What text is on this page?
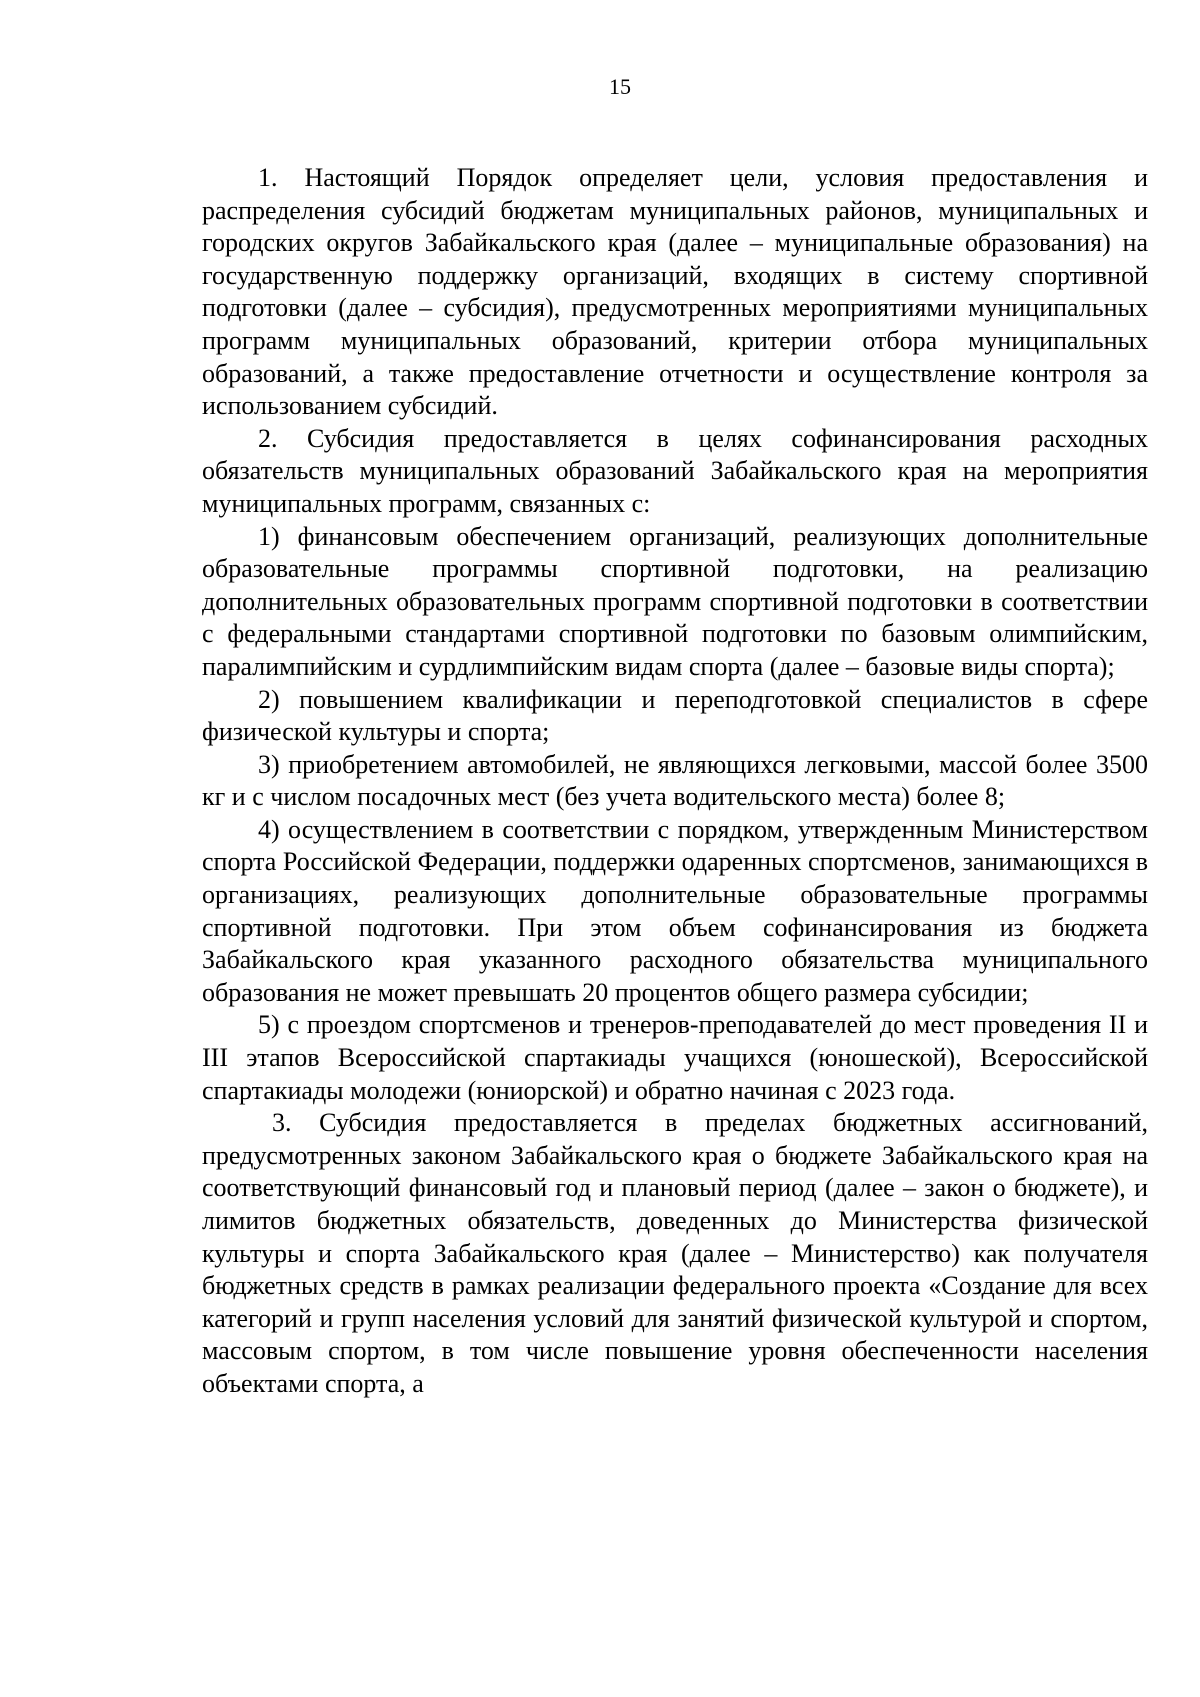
15

1. Настоящий Порядок определяет цели, условия предоставления и распределения субсидий бюджетам муниципальных районов, муниципальных и городских округов Забайкальского края (далее – муниципальные образования) на государственную поддержку организаций, входящих в систему спортивной подготовки (далее – субсидия), предусмотренных мероприятиями муниципальных программ муниципальных образований, критерии отбора муниципальных образований, а также предоставление отчетности и осуществление контроля за использованием субсидий.

2. Субсидия предоставляется в целях софинансирования расходных обязательств муниципальных образований Забайкальского края на мероприятия муниципальных программ, связанных с:

1) финансовым обеспечением организаций, реализующих дополнительные образовательные программы спортивной подготовки, на реализацию дополнительных образовательных программ спортивной подготовки в соответствии с федеральными стандартами спортивной подготовки по базовым олимпийским, паралимпийским и сурдлимпийским видам спорта (далее – базовые виды спорта);

2) повышением квалификации и переподготовкой специалистов в сфере физической культуры и спорта;

3) приобретением автомобилей, не являющихся легковыми, массой более 3500 кг и с числом посадочных мест (без учета водительского места) более 8;

4) осуществлением в соответствии с порядком, утвержденным Министерством спорта Российской Федерации, поддержки одаренных спортсменов, занимающихся в организациях, реализующих дополнительные образовательные программы спортивной подготовки. При этом объем софинансирования из бюджета Забайкальского края указанного расходного обязательства муниципального образования не может превышать 20 процентов общего размера субсидии;

5) с проездом спортсменов и тренеров-преподавателей до мест проведения II и III этапов Всероссийской спартакиады учащихся (юношеской), Всероссийской спартакиады молодежи (юниорской) и обратно начиная с 2023 года.

3. Субсидия предоставляется в пределах бюджетных ассигнований, предусмотренных законом Забайкальского края о бюджете Забайкальского края на соответствующий финансовый год и плановый период (далее – закон о бюджете), и лимитов бюджетных обязательств, доведенных до Министерства физической культуры и спорта Забайкальского края (далее – Министерство) как получателя бюджетных средств в рамках реализации федерального проекта «Создание для всех категорий и групп населения условий для занятий физической культурой и спортом, массовым спортом, в том числе повышение уровня обеспеченности населения объектами спорта, а
